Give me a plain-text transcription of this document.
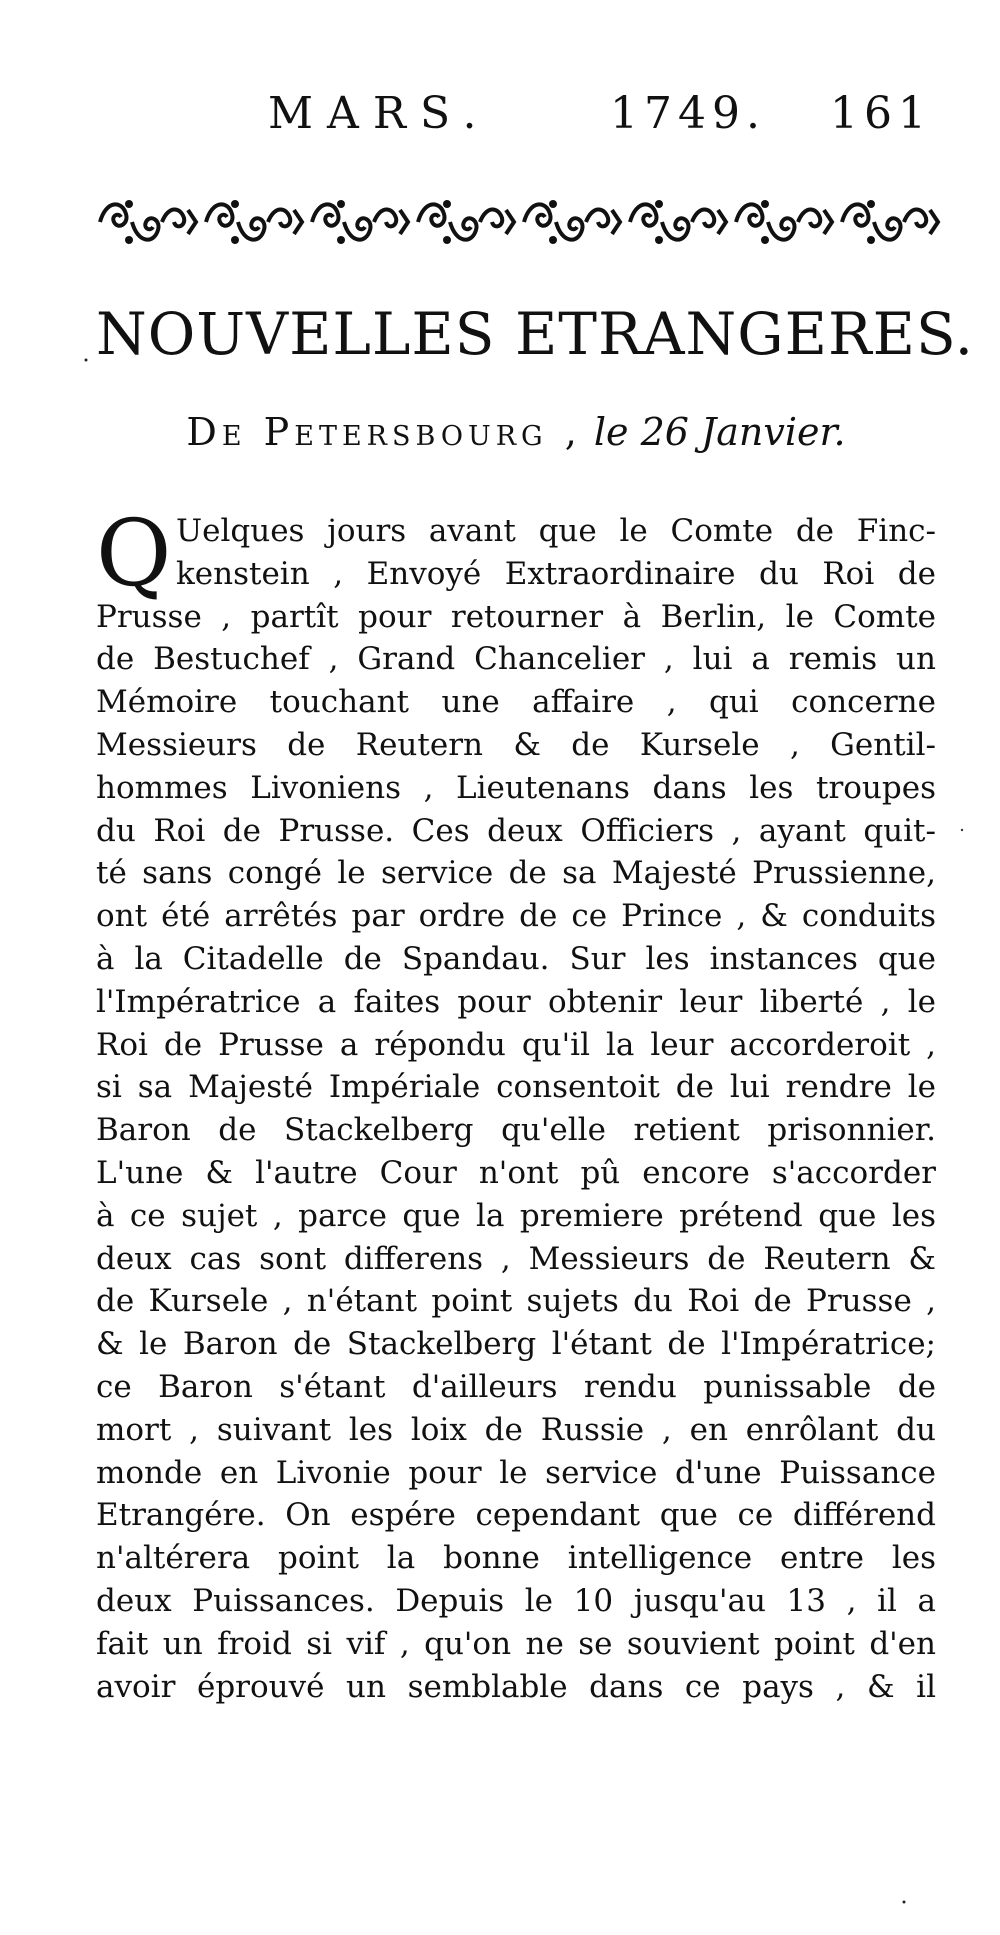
MARS.	1749. 161
NOUVELLES ETRANGERES.
De Petersbourg , le 26 Janvier.
Q Uelques jours avant que le Comte de Finc-
kenstein , Envoyé Extraordinaire du Roi de
Prusse , partît pour retourner à Berlin, le Comte
de Bestuchef , Grand Chancelier , lui a remis un
Mémoire touchant une affaire , qui concerne
Messieurs de Reutern & de Kursele , Gentil-
hommes Livoniens , Lieutenans dans les troupes
du Roi de Prusse. Ces deux Officiers , ayant quit-
té sans congé le service de sa Majesté Prussienne,
ont été arrêtés par ordre de ce Prince , & conduits
à la Citadelle de Spandau. Sur les instances que
l'Impératrice a faites pour obtenir leur liberté , le
Roi de Prusse a répondu qu'il la leur accorderoit ,
si sa Majesté Impériale consentoit de lui rendre le
Baron de Stackelberg qu'elle retient prisonnier.
L'une & l'autre Cour n'ont pû encore s'accorder
à ce sujet , parce que la premiere prétend que les
deux cas sont differens , Messieurs de Reutern &
de Kursele , n'étant point sujets du Roi de Prusse ,
& le Baron de Stackelberg l'étant de l'Impératrice;
ce Baron s'étant d'ailleurs rendu punissable de
mort , suivant les loix de Russie , en enrôlant du
monde en Livonie pour le service d'une Puissance
Etrangére. On espére cependant que ce différend
n'altérera point la bonne intelligence entre les
deux Puissances. Depuis le 10 jusqu'au 13 , il a
fait un froid si vif , qu'on ne se souvient point d'en
avoir éprouvé un semblable dans ce pays , & il
